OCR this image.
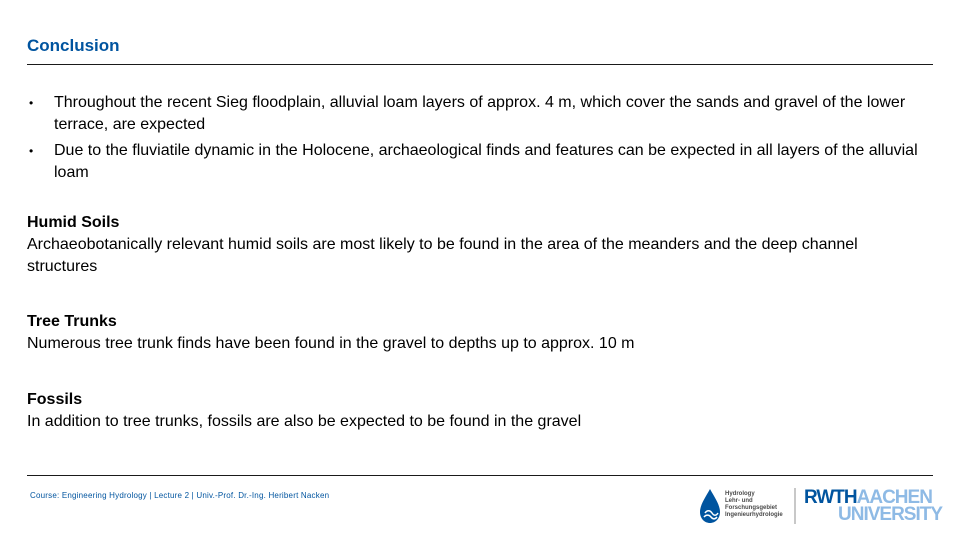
Conclusion
• Throughout the recent Sieg floodplain, alluvial loam layers of approx. 4 m, which cover the sands and gravel of the lower terrace, are expected
• Due to the fluviatile dynamic in the Holocene, archaeological finds and features can be expected in all layers of the alluvial loam
Humid Soils
Archaeobotanically relevant humid soils are most likely to be found in the area of the meanders and the deep channel structures
Tree Trunks
Numerous tree trunk finds have been found in the gravel to depths up to approx. 10 m
Fossils
In addition to tree trunks, fossils are also be expected to be found in the gravel
Course: Engineering Hydrology | Lecture 2 | Univ.-Prof. Dr.-Ing. Heribert Nacken	Hydrology
Lehr- und
Forschungsgebiet
Ingenieurhydrologie
RWTHAACHEN
UNIVERSITY
